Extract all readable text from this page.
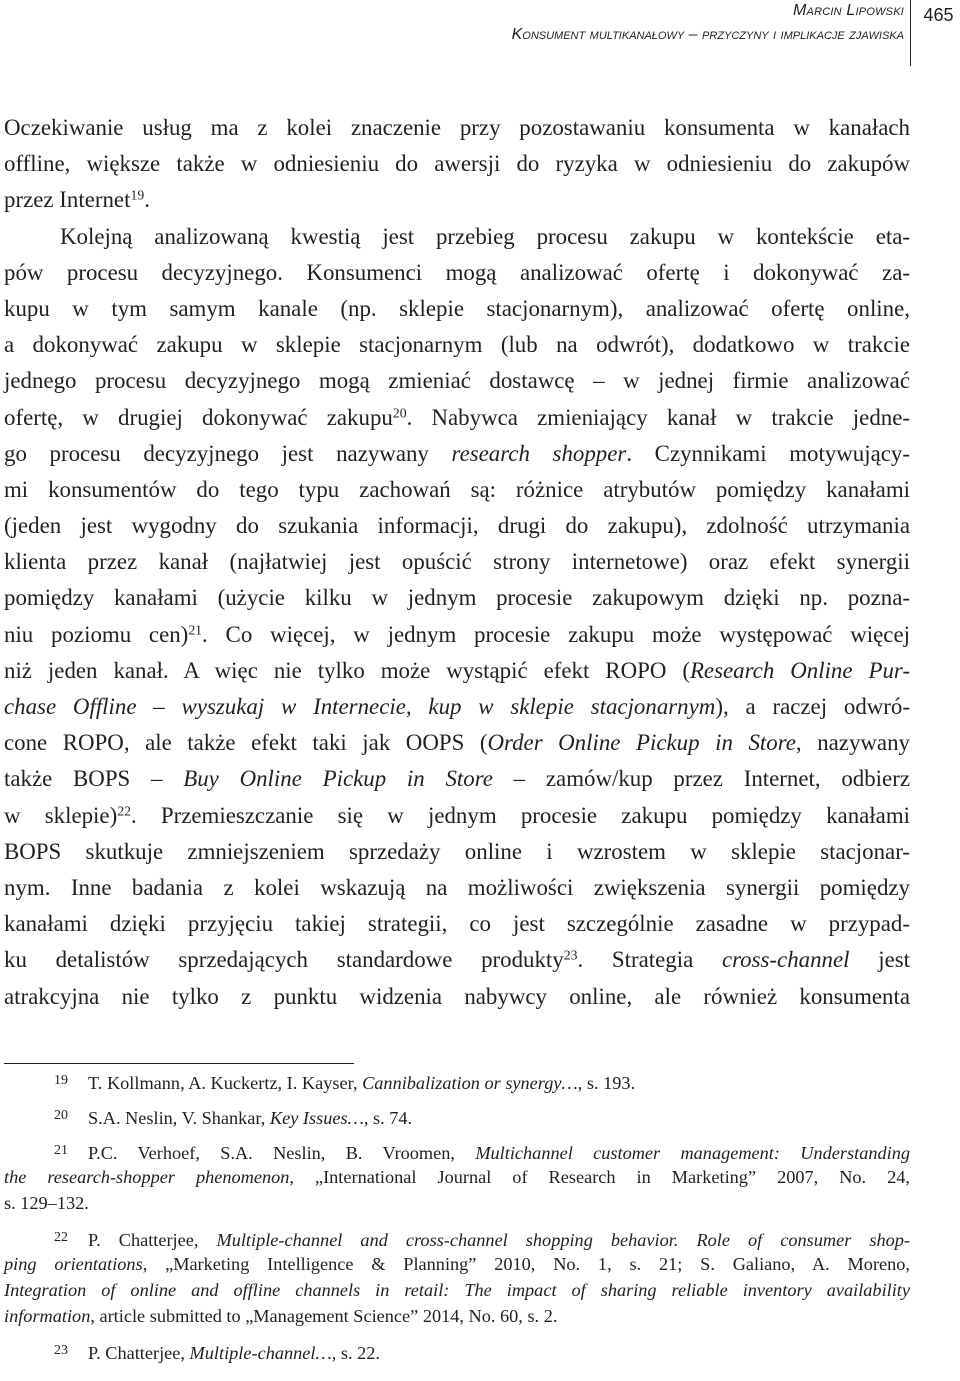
Marcin Lipowski
Konsument multikanałowy – przyczyny i implikacje zjawiska
465
Oczekiwanie usług ma z kolei znaczenie przy pozostawaniu konsumenta w kanałach
offline, większe także w odniesieniu do awersji do ryzyka w odniesieniu do zakupów
przez Internet$^{19}$.
Kolejną analizowaną kwestią jest przebieg procesu zakupu w kontekście eta-
pów procesu decyzyjnego. Konsumenci mogą analizować ofertę i dokonywać za-
kupu w tym samym kanale (np. sklepie stacjonarnym), analizować ofertę online,
a dokonywać zakupu w sklepie stacjonarnym (lub na odwrót), dodatkowo w trakcie
jednego procesu decyzyjnego mogą zmieniać dostawcę – w jednej firmie analizować
ofertę, w drugiej dokonywać zakupu$^{20}$. Nabywca zmieniający kanał w trakcie jedne-
go procesu decyzyjnego jest nazywany research shopper. Czynnikami motywujący-
mi konsumentów do tego typu zachowań są: różnice atrybutów pomiędzy kanałami
(jeden jest wygodny do szukania informacji, drugi do zakupu), zdolność utrzymania
klienta przez kanał (najłatwiej jest opuścić strony internetowe) oraz efekt synergii
pomiędzy kanałami (użycie kilku w jednym procesie zakupowym dzięki np. pozna-
niu poziomu cen)$^{21}$. Co więcej, w jednym procesie zakupu może występować więcej
niż jeden kanał. A więc nie tylko może wystąpić efekt ROPO (Research Online Pur-
chase Offline – wyszukaj w Internecie, kup w sklepie stacjonarnym), a raczej odwró-
cone ROPO, ale także efekt taki jak OOPS (Order Online Pickup in Store, nazywany
także BOPS – Buy Online Pickup in Store – zamów/kup przez Internet, odbierz
w sklepie)$^{22}$. Przemieszczanie się w jednym procesie zakupu pomiędzy kanałami
BOPS skutkuje zmniejszeniem sprzedaży online i wzrostem w sklepie stacjonar-
nym. Inne badania z kolei wskazują na możliwości zwiększenia synergii pomiędzy
kanałami dzięki przyjęciu takiej strategii, co jest szczególnie zasadne w przypad-
ku detalistów sprzedających standardowe produkty$^{23}$. Strategia cross-channel jest
atrakcyjna nie tylko z punktu widzenia nabywcy online, ale również konsumenta
19 T. Kollmann, A. Kuckertz, I. Kayser, Cannibalization or synergy…, s. 193.
20 S.A. Neslin, V. Shankar, Key Issues…, s. 74.
21 P.C. Verhoef, S.A. Neslin, B. Vroomen, Multichannel customer management: Understanding
the research-shopper phenomenon, „International Journal of Research in Marketing” 2007, No. 24,
s. 129–132.
22 P. Chatterjee, Multiple-channel and cross-channel shopping behavior. Role of consumer shop-
ping orientations, „Marketing Intelligence & Planning” 2010, No. 1, s. 21; S. Galiano, A. Moreno,
Integration of online and offline channels in retail: The impact of sharing reliable inventory availability
information, article submitted to „Management Science” 2014, No. 60, s. 2.
23 P. Chatterjee, Multiple-channel…, s. 22.
